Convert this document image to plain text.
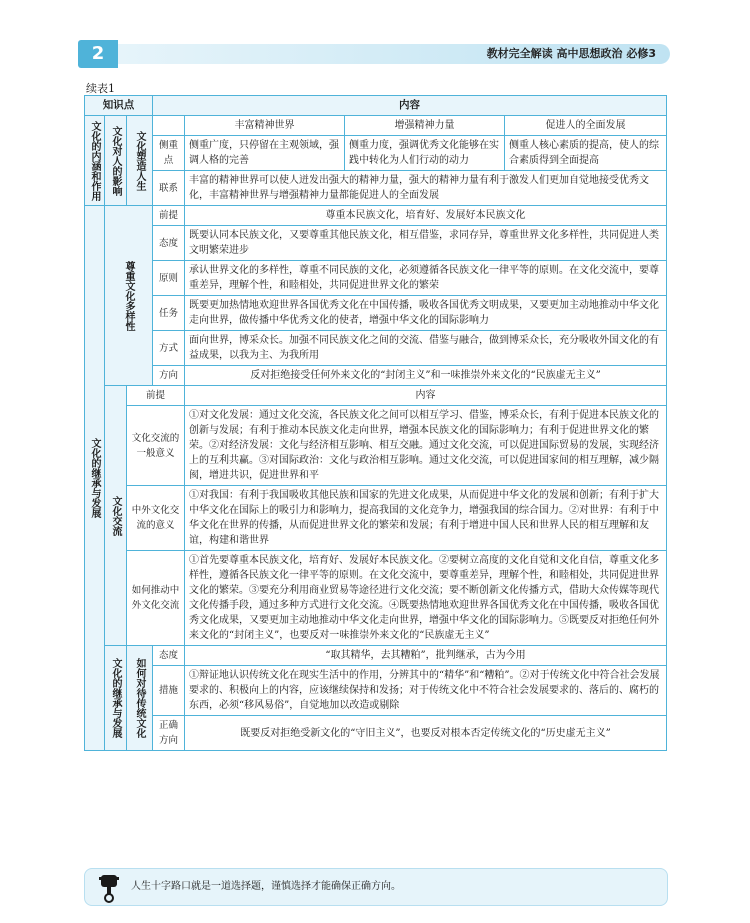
2	教材完全解读 高中思想政治 必修3
续表1
知识点			内容			
文化的内涵和作用	文化对人的影响	文化塑造人生		丰富精神世界	增强精神力量	促进人的全面发展
			侧重点	侧重广度，只停留在主观领域，强调人格的完善	侧重力度，强调优秀文化能够在实践中转化为人们行动的动力	侧重人核心素质的提高，使人的综合素质得到全面提高
			联系	丰富的精神世界可以使人迸发出强大的精神力量，强大的精神力量有利于激发人们更加自觉地接受优秀文化，丰富精神世界与增强精神力量都能促进人的全面发展		
文化的继承与发展	尊重文化多样性		前提	尊重本民族文化，培育好、发展好本民族文化		
			态度	既要认同本民族文化，又要尊重其他民族文化，相互借鉴，求同存异，尊重世界文化多样性，共同促进人类文明繁荣进步		
			原则	承认世界文化的多样性，尊重不同民族的文化，必须遵循各民族文化一律平等的原则。在文化交流中，要尊重差异，理解个性，和睦相处，共同促进世界文化的繁荣		
			任务	既要更加热情地欢迎世界各国优秀文化在中国传播，吸收各国优秀文明成果，又要更加主动地推动中华文化走向世界，做传播中华优秀文化的使者，增强中华文化的国际影响力		
			方式	面向世界，博采众长。加强不同民族文化之间的交流、借鉴与融合，做到博采众长，充分吸收外国文化的有益成果，以我为主、为我所用		
			方向	反对拒绝接受任何外来文化的“封闭主义”和一味推崇外来文化的“民族虚无主义”		
	文化交流	前提		内容		
		文化交流的一般意义		①对文化发展：通过文化交流，各民族文化之间可以相互学习、借鉴，博采众长，有利于促进本民族文化的创新与发展；有利于推动本民族文化走向世界，增强本民族文化的国际影响力；有利于促进世界文化的繁荣。②对经济发展：文化与经济相互影响、相互交融。通过文化交流，可以促进国际贸易的发展，实现经济上的互利共赢。③对国际政治：文化与政治相互影响。通过文化交流，可以促进国家间的相互理解，减少隔阂，增进共识，促进世界和平		
		中外文化交流的意义		①对我国：有利于我国吸收其他民族和国家的先进文化成果，从而促进中华文化的发展和创新；有利于扩大中华文化在国际上的吸引力和影响力，提高我国的文化竞争力，增强我国的综合国力。②对世界：有利于中华文化在世界的传播，从而促进世界文化的繁荣和发展；有利于增进中国人民和世界人民的相互理解和友谊，构建和谐世界		
		如何推动中外文化交流		①首先要尊重本民族文化，培育好、发展好本民族文化。②要树立高度的文化自觉和文化自信，尊重文化多样性，遵循各民族文化一律平等的原则。在文化交流中，要尊重差异，理解个性，和睦相处，共同促进世界文化的繁荣。③要充分利用商业贸易等途径进行文化交流；要不断创新文化传播方式，借助大众传媒等现代文化传播手段，通过多种方式进行文化交流。④既要热情地欢迎世界各国优秀文化在中国传播，吸收各国优秀文化成果，又要更加主动地推动中华文化走向世界，增强中华文化的国际影响力。⑤既要反对拒绝任何外来文化的“封闭主义”，也要反对一味推崇外来文化的“民族虚无主义”		
	文化的继承与发展	如何对待传统文化	态度	“取其精华，去其糟粕”，批判继承，古为今用		
			措施	①辩证地认识传统文化在现实生活中的作用，分辨其中的“精华”和“糟粕”。②对于传统文化中符合社会发展要求的、积极向上的内容，应该继续保持和发扬；对于传统文化中不符合社会发展要求的、落后的、腐朽的东西，必须“移风易俗”，自觉地加以改造或剔除		
			正确方向	既要反对拒绝受新文化的“守旧主义”，也要反对根本否定传统文化的“历史虚无主义”		
人生十字路口就是一道选择题，谨慎选择才能确保正确方向。
